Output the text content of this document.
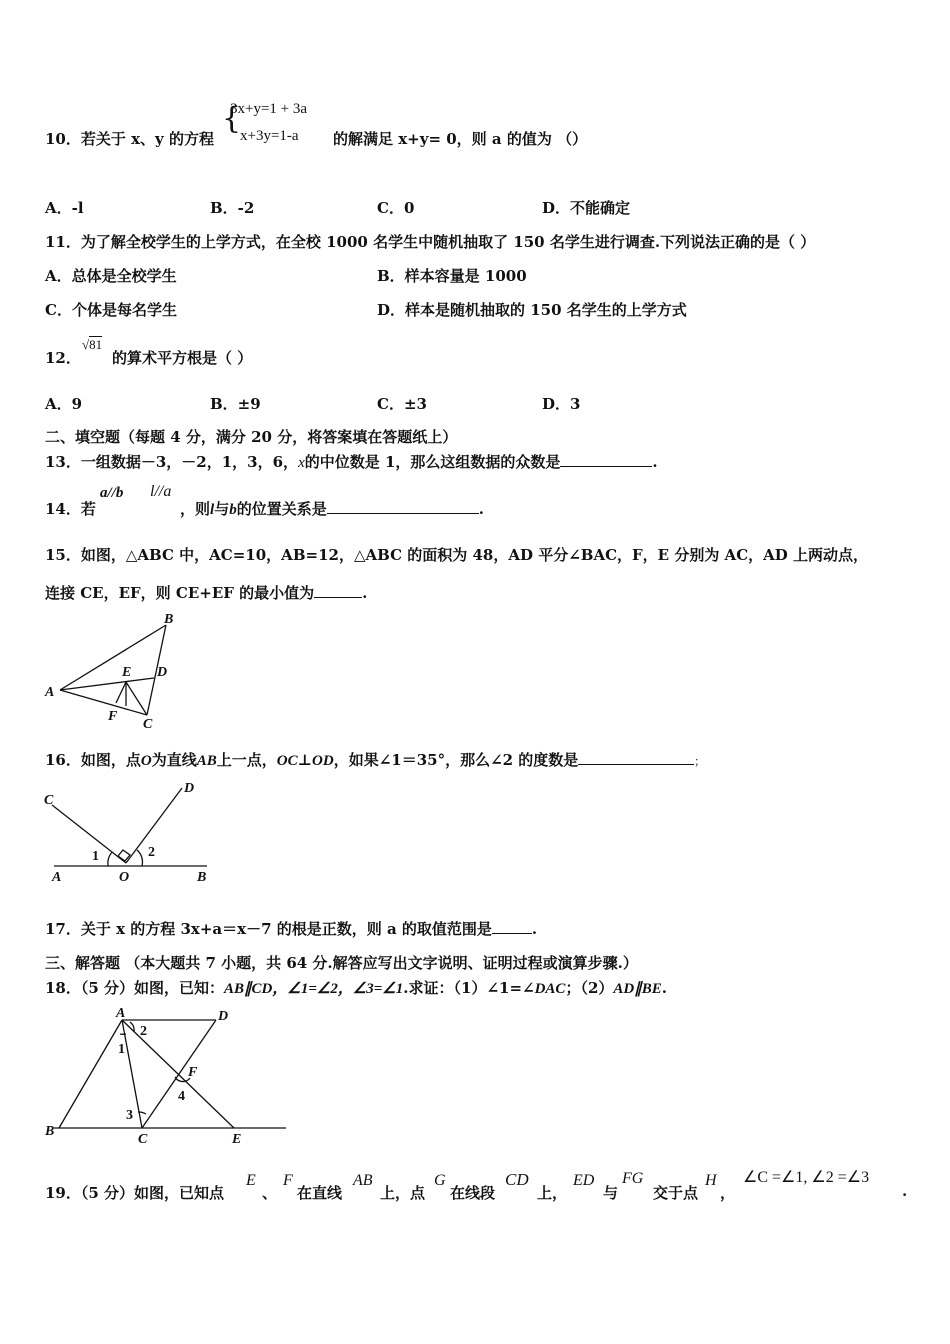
10．若关于 x、y 的方程
{
3x+y=1 + 3a
x+3y=1-a 的解满足 x+y= 0，则 a 的值为 （）
A．-l	B．-2	C．0	D．不能确定
11．为了解全校学生的上学方式，在全校 1000 名学生中随机抽取了 150 名学生进行调查.下列说法正确的是（ ）
A．总体是全校学生	B．样本容量是 1000
C．个体是每名学生	D．样本是随机抽取的 150 名学生的上学方式
12．
√81
的算术平方根是（ ）
A．9	B．±9	C．±3	D．3
二、填空题（每题 4 分，满分 20 分，将答案填在答题纸上）
13．一组数据－3，－2，1，3，6，x的中位数是 1，那么这组数据的众数是	.
14．若
a//b l//a
，则l与b的位置关系是	.
15．如图，△ABC 中，AC=10，AB=12，△ABC 的面积为 48，AD 平分∠BAC，F，E 分别为 AC，AD 上两动点，
连接 CE，EF，则 CE+EF 的最小值为	.
B
A
E D
F
C
16．如图，点O为直线AB上一点，OC⊥OD，如果∠1＝35°，那么∠2 的度数是	；
C
D
1	2
A	O	B
17．关于 x 的方程 3x+a＝x－7 的根是正数，则 a 的取值范围是	.
三、解答题 （本大题共 7 小题，共 64 分.解答应写出文字说明、证明过程或演算步骤.）
18．（5 分）如图，已知：AB∥CD，∠1=∠2，∠3=∠1.求证：（1）∠1=∠DAC；（2）AD∥BE.
A	D
2
1
F
4
3
B
C	E
19．（5 分）如图，已知点
E
、
F
在直线
AB
上，点
G
在线段
CD
上，
ED
与
FG
交于点
H
，
∠C =∠1, ∠2 =∠3
.
